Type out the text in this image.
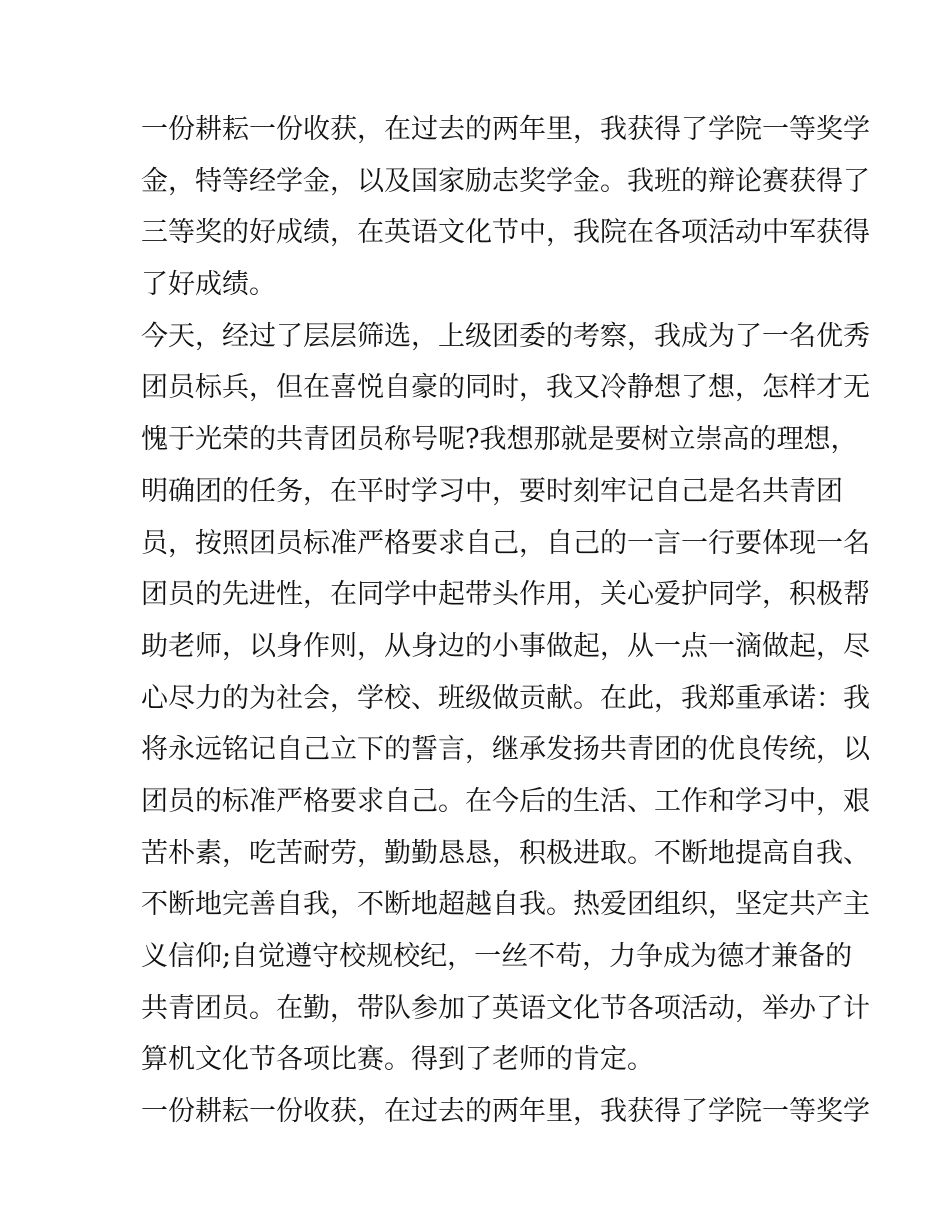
一份耕耘一份收获，在过去的两年里，我获得了学院一等奖学
金，特等经学金，以及国家励志奖学金。我班的辩论赛获得了
三等奖的好成绩，在英语文化节中，我院在各项活动中军获得
了好成绩。
今天，经过了层层筛选，上级团委的考察，我成为了一名优秀
团员标兵，但在喜悦自豪的同时，我又冷静想了想，怎样才无
愧于光荣的共青团员称号呢?我想那就是要树立崇高的理想，
明确团的任务，在平时学习中，要时刻牢记自己是名共青团
员，按照团员标准严格要求自己，自己的一言一行要体现一名
团员的先进性，在同学中起带头作用，关心爱护同学，积极帮
助老师，以身作则，从身边的小事做起，从一点一滴做起，尽
心尽力的为社会，学校、班级做贡献。在此，我郑重承诺：我
将永远铭记自己立下的誓言，继承发扬共青团的优良传统，以
团员的标准严格要求自己。在今后的生活、工作和学习中，艰
苦朴素，吃苦耐劳，勤勤恳恳，积极进取。不断地提高自我、
不断地完善自我，不断地超越自我。热爱团组织，坚定共产主
义信仰;自觉遵守校规校纪，一丝不苟，力争成为德才兼备的
共青团员。在勤，带队参加了英语文化节各项活动，举办了计
算机文化节各项比赛。得到了老师的肯定。
一份耕耘一份收获，在过去的两年里，我获得了学院一等奖学
